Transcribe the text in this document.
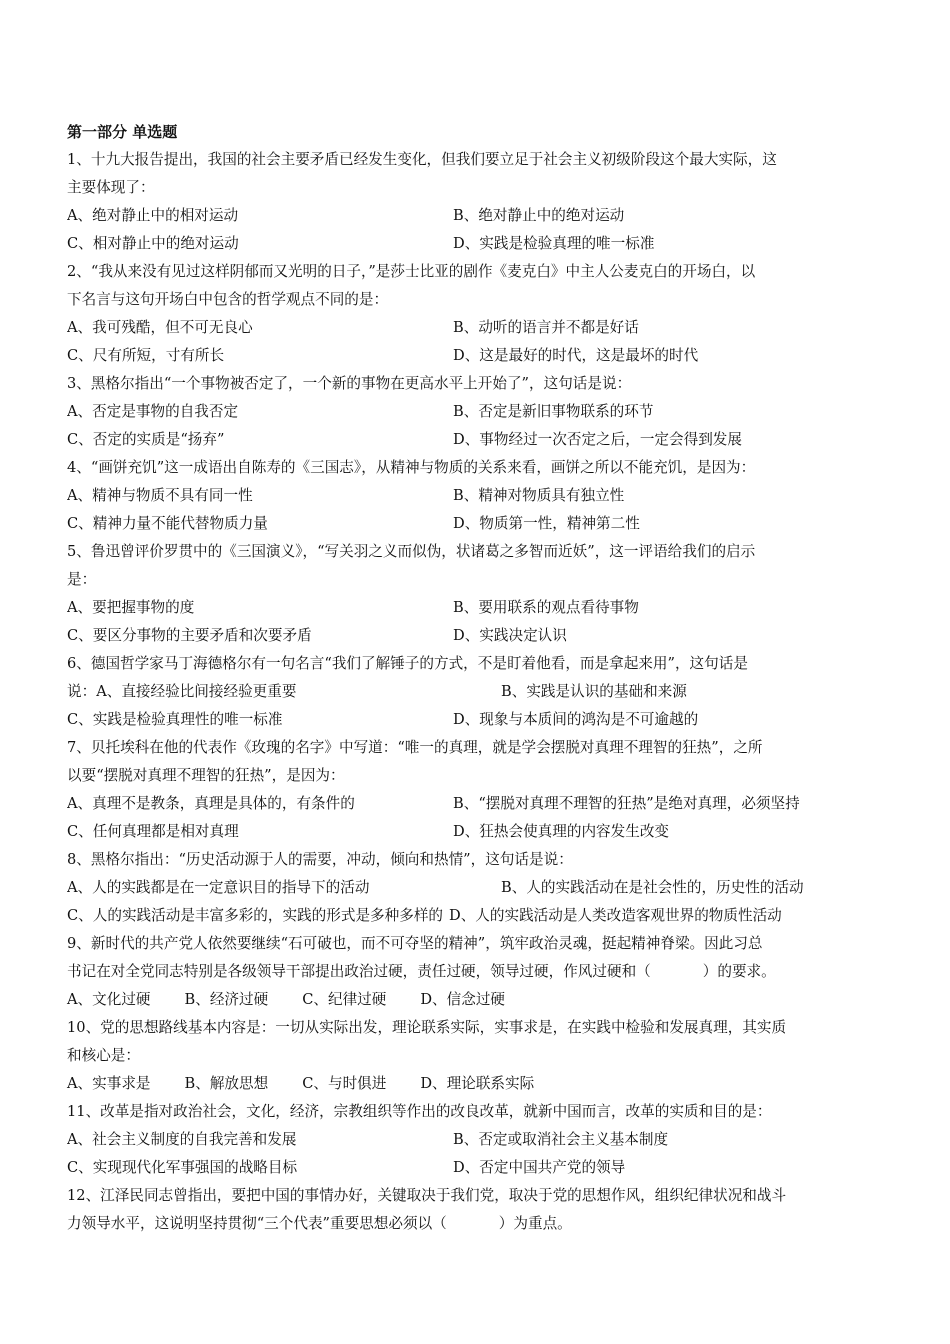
第一部分 单选题
1、十九大报告提出，我国的社会主要矛盾已经发生变化，但我们要立足于社会主义初级阶段这个最大实际，这
主要体现了：
A、绝对静止中的相对运动	B、绝对静止中的绝对运动
C、相对静止中的绝对运动	D、实践是检验真理的唯一标准
2、“我从来没有见过这样阴郁而又光明的日子，”是莎士比亚的剧作《麦克白》中主人公麦克白的开场白，以
下名言与这句开场白中包含的哲学观点不同的是：
A、我可残酷，但不可无良心	B、动听的语言并不都是好话
C、尺有所短，寸有所长	D、这是最好的时代，这是最坏的时代
3、黑格尔指出“一个事物被否定了，一个新的事物在更高水平上开始了”，这句话是说：
A、否定是事物的自我否定	B、否定是新旧事物联系的环节
C、否定的实质是“扬弃”	D、事物经过一次否定之后，一定会得到发展
4、“画饼充饥”这一成语出自陈寿的《三国志》，从精神与物质的关系来看，画饼之所以不能充饥，是因为：
A、精神与物质不具有同一性	B、精神对物质具有独立性
C、精神力量不能代替物质力量	D、物质第一性，精神第二性
5、鲁迅曾评价罗贯中的《三国演义》，“写关羽之义而似伪，状诸葛之多智而近妖”，这一评语给我们的启示
是：
A、要把握事物的度	B、要用联系的观点看待事物
C、要区分事物的主要矛盾和次要矛盾	D、实践决定认识
6、德国哲学家马丁海德格尔有一句名言“我们了解锤子的方式，不是盯着他看，而是拿起来用”，这句话是
说：A、直接经验比间接经验更重要	B、实践是认识的基础和来源
C、实践是检验真理性的唯一标准	D、现象与本质间的鸿沟是不可逾越的
7、贝托埃科在他的代表作《玫瑰的名字》中写道：“唯一的真理，就是学会摆脱对真理不理智的狂热”，之所
以要“摆脱对真理不理智的狂热”，是因为：
A、真理不是教条，真理是具体的，有条件的	B、“摆脱对真理不理智的狂热”是绝对真理，必须坚持
C、任何真理都是相对真理	D、狂热会使真理的内容发生改变
8、黑格尔指出：“历史活动源于人的需要，冲动，倾向和热情”，这句话是说：
A、人的实践都是在一定意识目的指导下的活动	B、人的实践活动在是社会性的，历史性的活动
C、人的实践活动是丰富多彩的，实践的形式是多种多样的 D、人的实践活动是人类改造客观世界的物质性活动
9、新时代的共产党人依然要继续“石可破也，而不可夺坚的精神”，筑牢政治灵魂，挺起精神脊梁。因此习总
书记在对全党同志特别是各级领导干部提出政治过硬，责任过硬，领导过硬，作风过硬和（	）的要求。
A、文化过硬 B、经济过硬 C、纪律过硬 D、信念过硬
10、党的思想路线基本内容是：一切从实际出发，理论联系实际，实事求是，在实践中检验和发展真理，其实质
和核心是：
A、实事求是 B、解放思想 C、与时俱进 D、理论联系实际
11、改革是指对政治社会，文化，经济，宗教组织等作出的改良改革，就新中国而言，改革的实质和目的是：
A、社会主义制度的自我完善和发展	B、否定或取消社会主义基本制度
C、实现现代化军事强国的战略目标	D、否定中国共产党的领导
12、江泽民同志曾指出，要把中国的事情办好，关键取决于我们党，取决于党的思想作风，组织纪律状况和战斗
力领导水平，这说明坚持贯彻“三个代表”重要思想必须以（	）为重点。
